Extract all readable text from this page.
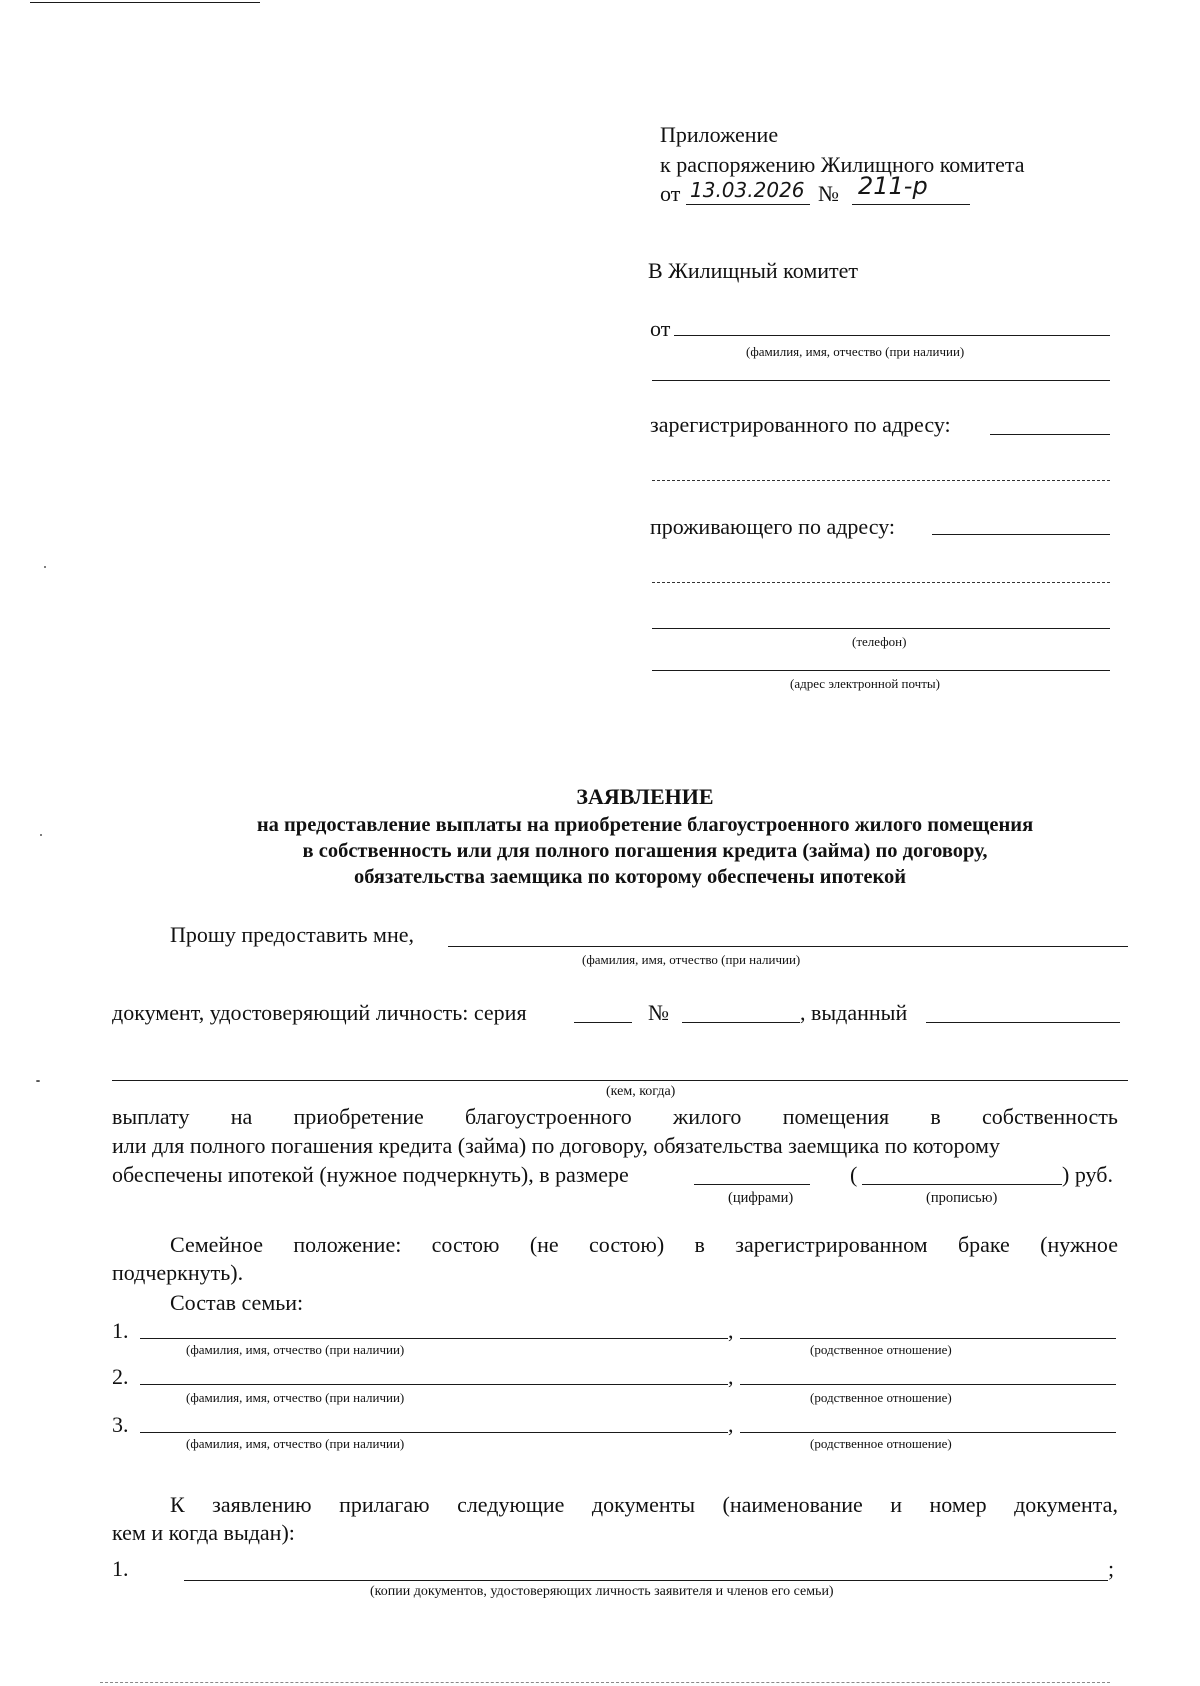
Приложение
к распоряжению Жилищного комитета
от 13.03.2026 № 211-р
В Жилищный комитет
от
(фамилия, имя, отчество (при наличии)
зарегистрированного по адресу:
проживающего по адресу:
(телефон)
(адрес электронной почты)
ЗАЯВЛЕНИЕ
на предоставление выплаты на приобретение благоустроенного жилого помещения
в собственность или для полного погашения кредита (займа) по договору,
обязательства заемщика по которому обеспечены ипотекой
Прошу предоставить мне,
(фамилия, имя, отчество (при наличии)
документ, удостоверяющий личность: серия	№	, выданный
(кем, когда)
выплату на приобретение благоустроенного жилого помещения в собственность
или для полного погашения кредита (займа) по договору, обязательства заемщика по которому
обеспечены ипотекой (нужное подчеркнуть), в размере	(	) руб.
(цифрами)	(прописью)
Семейное положение: состою (не состою) в зарегистрированном браке (нужное
подчеркнуть).
Состав семьи:
1.	,
(фамилия, имя, отчество (при наличии)	(родственное отношение)
2.	,
(фамилия, имя, отчество (при наличии)	(родственное отношение)
3.	,
(фамилия, имя, отчество (при наличии)	(родственное отношение)
К заявлению прилагаю следующие документы (наименование и номер документа,
кем и когда выдан):
1.	;
(копии документов, удостоверяющих личность заявителя и членов его семьи)
